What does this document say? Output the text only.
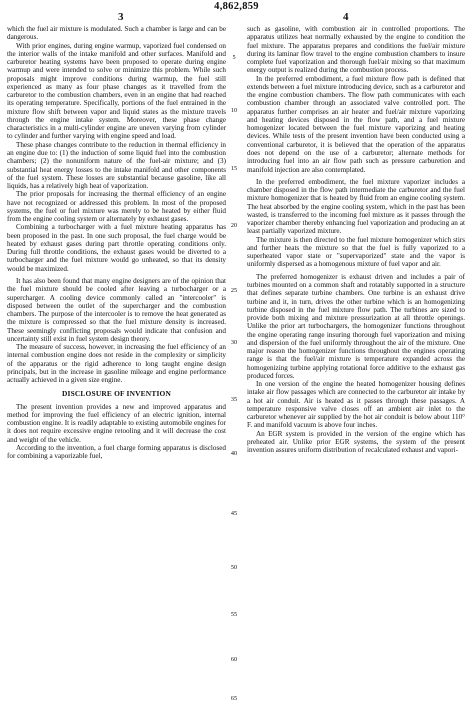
3
4,862,859
4

which the fuel air mixture is modulated. Such a chamber is large and can be dangerous.

With prior engines, during engine warmup, vaporized fuel condensed on the interior walls of the intake manifold and other surfaces. Manifold and carburetor heating systems have been proposed to operate during engine warmup and were intended to solve or minimize this problem. While such proposals might improve conditions during warmup, the fuel still experienced as many as four phase changes as it travelled from the carburetor to the combustion chambers, even in an engine that had reached its operating temperature. Specifically, portions of the fuel entrained in the mixture flow shift between vapor and liquid states as the mixture travels through the engine intake system. Moreover, these phase change characteristics in a multi-cylinder engine are uneven varying from cylinder to cylinder and further varying with engine speed and load.

These phase changes contribute to the reduction in thermal efficiency in an engine due to: (1) the induction of some liquid fuel into the combustion chambers; (2) the nonuniform nature of the fuel-air mixture; and (3) substantial heat energy losses to the intake manifold and other components of the fuel system. These losses are substantial because gasoline, like all liquids, has a relatively high heat of vaporization.

The prior proposals for increasing the thermal efficiency of an engine have not recognized or addressed this problem. In most of the proposed systems, the fuel or fuel mixture was merely to be heated by either fluid from the engine cooling system or alternately by exhaust gases.

Combining a turbocharger with a fuel mixture heating apparatus has been proposed in the past. In one such proposal, the fuel charge would be heated by exhaust gases during part throttle operating conditions only. During full throttle conditions, the exhaust gases would be diverted to a turbocharger and the fuel mixture would go unheated, so that its density would be maximized.

It has also been found that many engine designers are of the opinion that the fuel mixture should be cooled after leaving a turbocharger or a supercharger. A cooling device commonly called an "intercooler" is disposed between the outlet of the supercharger and the combustion chambers. The purpose of the intercooler is to remove the heat generated as the mixture is compressed so that the fuel mixture density is increased. These seemingly conflicting proposals would indicate that confusion and uncertainty still exist in fuel system design theory.

The measure of success, however, in increasing the fuel efficiency of an internal combustion engine does not reside in the complexity or simplicity of the apparatus or the rigid adherence to long taught engine design principals, but in the increase in gasoline mileage and engine performance actually achieved in a given size engine.

DISCLOSURE OF INVENTION

The present invention provides a new and improved apparatus and method for improving the fuel efficiency of an electric ignition, internal combustion engine. It is readily adaptable to existing automobile engines for it does not require excessive engine retooling and it will decrease the cost and weight of the vehicle.

According to the invention, a fuel charge forming apparatus is disclosed for combining a vaporizable fuel,

such as gasoline, with combustion air in controlled proportions. The apparatus utilizes heat normally exhausted by the engine to condition the fuel mixture. The apparatus prepares and conditions the fuel/air mixture during its laminar flow travel to the engine combustion chambers to insure complete fuel vaporization and thorough fuel/air mixing so that maximum energy output is realized during the combustion process.

In the preferred embodiment, a fuel mixture flow path is defined that extends between a fuel mixture introducing device, such as a carburetor and the engine combustion chambers. The flow path communicates with each combustion chamber through an associated valve controlled port. The apparatus further comprises an air heater and fuel/air mixture vaporizing and heating devices disposed in the flow path, and a fuel mixture homogenizer located between the fuel mixture vaporizing and heating devices. While tests of the present invention have been conducted using a conventional carburetor, it is believed that the operation of the apparatus does not depend on the use of a carburetor; alternate methods for introducing fuel into an air flow path such as pressure carburetion and manifold injection are also contemplated.

In the preferred embodiment, the fuel mixture vaporizer includes a chamber disposed in the flow path intermediate the carburetor and the fuel mixture homogenizer that is heated by fluid from an engine cooling system. The heat absorbed by the engine cooling system, which in the past has been wasted, is transferred to the incoming fuel mixture as it passes through the vaporizer chamber thereby enhancing fuel vaporization and producing an at least partially vaporized mixture.

The mixture is then directed to the fuel mixture homogenizer which stirs and further heats the mixture so that the fuel is fully vaporized to a superheated vapor state or "supervaporized" state and the vapor is uniformly dispersed as a homogenous mixture of fuel vapor and air.

The preferred homogenizer is exhaust driven and includes a pair of turbines mounted on a common shaft and rotatably supported in a structure that defines separate turbine chambers. One turbine is an exhaust drive turbine and it, in turn, drives the other turbine which is an homogenizing turbine disposed in the fuel mixture flow path. The turbines are sized to provide both mixing and mixture pressurization at all throttle openings. Unlike the prior art turbochargers, the homogenizer functions throughout the engine operating range insuring thorough fuel vaporization and mixing and dispersion of the fuel uniformly throughout the air of the mixture. One major reason the homogenizer functions throughout the engines operating range is that the fuel/air mixture is temperature expanded across the homogenizing turbine applying rotational force additive to the exhaust gas produced forces.

In one version of the engine the heated homogenizer housing defines intake air flow passages which are connected to the carburetor air intake by a hot air conduit. Air is heated as it passes through these passages. A temperature responsive valve closes off an ambient air inlet to the carburetor whenever air supplied by the hot air conduit is below about 110° F. and manifold vacuum is above four inches.

An EGR system is provided in the version of the engine which has preheated air. Unlike prior EGR systems, the system of the present invention assures uniform distribution of recalculated exhaust and vapori-

5
10
15
20
25
30
35
40
45
50
55
60
65
